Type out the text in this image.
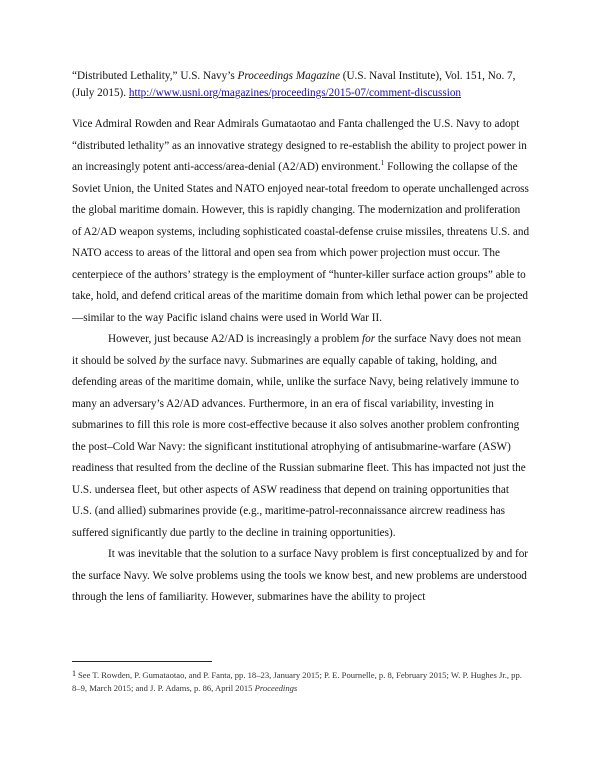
“Distributed Lethality,” U.S. Navy’s Proceedings Magazine (U.S. Naval Institute), Vol. 151, No. 7, (July 2015). http://www.usni.org/magazines/proceedings/2015-07/comment-discussion

Vice Admiral Rowden and Rear Admirals Gumataotao and Fanta challenged the U.S. Navy to adopt “distributed lethality” as an innovative strategy designed to re-establish the ability to project power in an increasingly potent anti-access/area-denial (A2/AD) environment.$^1$ Following the collapse of the Soviet Union, the United States and NATO enjoyed near-total freedom to operate unchallenged across the global maritime domain. However, this is rapidly changing. The modernization and proliferation of A2/AD weapon systems, including sophisticated coastal-defense cruise missiles, threatens U.S. and NATO access to areas of the littoral and open sea from which power projection must occur. The centerpiece of the authors’ strategy is the employment of “hunter-killer surface action groups” able to take, hold, and defend critical areas of the maritime domain from which lethal power can be projected—similar to the way Pacific island chains were used in World War II.

However, just because A2/AD is increasingly a problem for the surface Navy does not mean it should be solved by the surface navy. Submarines are equally capable of taking, holding, and defending areas of the maritime domain, while, unlike the surface Navy, being relatively immune to many an adversary’s A2/AD advances. Furthermore, in an era of fiscal variability, investing in submarines to fill this role is more cost-effective because it also solves another problem confronting the post–Cold War Navy: the significant institutional atrophying of antisubmarine-warfare (ASW) readiness that resulted from the decline of the Russian submarine fleet. This has impacted not just the U.S. undersea fleet, but other aspects of ASW readiness that depend on training opportunities that U.S. (and allied) submarines provide (e.g., maritime-patrol-reconnaissance aircrew readiness has suffered significantly due partly to the decline in training opportunities).

It was inevitable that the solution to a surface Navy problem is first conceptualized by and for the surface Navy. We solve problems using the tools we know best, and new problems are understood through the lens of familiarity. However, submarines have the ability to project

$^1$ See T. Rowden, P. Gumataotao, and P. Fanta, pp. 18–23, January 2015; P. E. Pournelle, p. 8, February 2015; W. P. Hughes Jr., pp. 8–9, March 2015; and J. P. Adams, p. 86, April 2015 Proceedings
